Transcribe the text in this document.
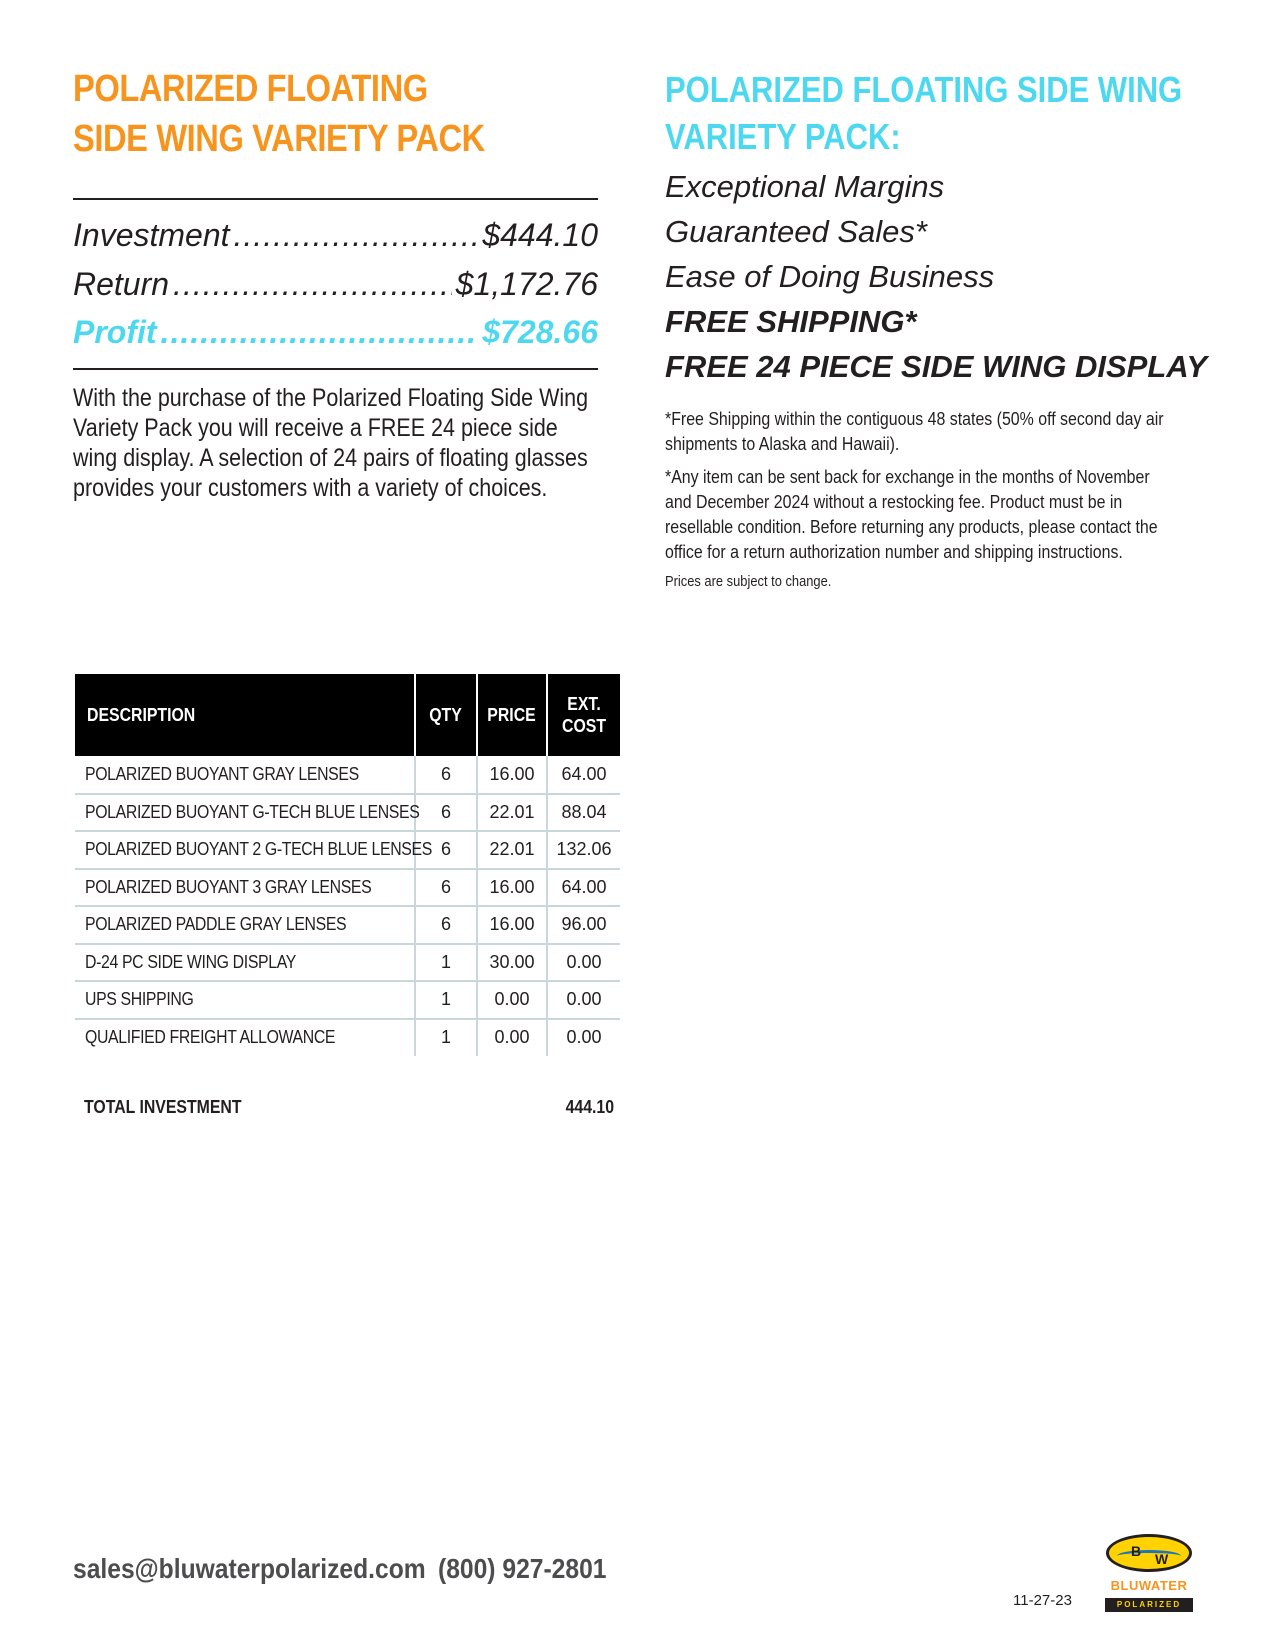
POLARIZED FLOATING
SIDE WING VARIETY PACK
Investment .....	$444.10
Return .....	$1,172.76
Profit .....	$728.66

With the purchase of the Polarized Floating Side Wing Variety Pack you will receive a FREE 24 piece side wing display. A selection of 24 pairs of floating glasses provides your customers with a variety of choices.

POLARIZED FLOATING SIDE WING
VARIETY PACK:
Exceptional Margins
Guaranteed Sales*
Ease of Doing Business
FREE SHIPPING*
FREE 24 PIECE SIDE WING DISPLAY

*Free Shipping within the contiguous 48 states (50% off second day air shipments to Alaska and Hawaii).

*Any item can be sent back for exchange in the months of November and December 2024 without a restocking fee. Product must be in resellable condition. Before returning any products, please contact the office for a return authorization number and shipping instructions.

Prices are subject to change.

DESCRIPTION	QTY	PRICE	EXT.
COST
POLARIZED BUOYANT GRAY LENSES	6	16.00	64.00
POLARIZED BUOYANT G-TECH BLUE LENSES	6	22.01	88.04
POLARIZED BUOYANT 2 G-TECH BLUE LENSES	6	22.01	132.06
POLARIZED BUOYANT 3 GRAY LENSES	6	16.00	64.00
POLARIZED PADDLE GRAY LENSES	6	16.00	96.00
D-24 PC SIDE WING DISPLAY	1	30.00	0.00
UPS SHIPPING	1	0.00	0.00
QUALIFIED FREIGHT ALLOWANCE	1	0.00	0.00
TOTAL INVESTMENT	444.10
sales@bluwaterpolarized.com (800) 927-2801
11-27-23
B W
BLUWATER
POLARIZED
